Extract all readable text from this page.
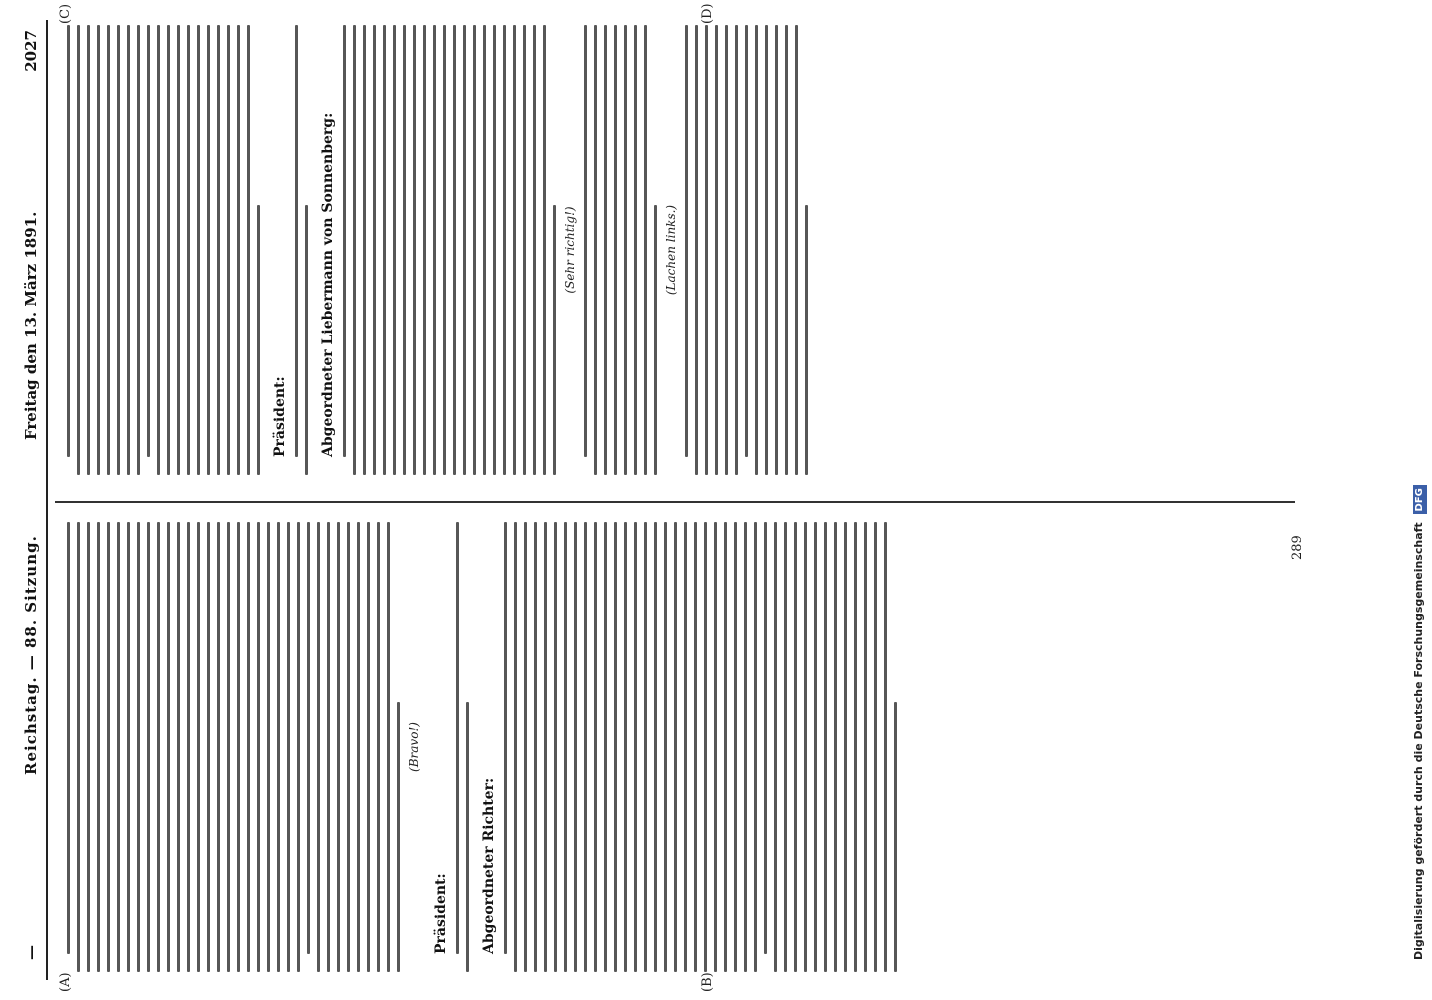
—
Reichstag. — 88. Sitzung.
Freitag den 13. März 1891.
2027
(A)	(B)
(C)	(D)
(Bravo!)
Präsident: Abgeordneter Richter:
Präsident: Abgeordneter Liebermann von Sonnenberg:	(Sehr richtig!)	(Lachen links.)
289	Digitalisierung gefördert durch die Deutsche Forschungsgemeinschaft DFG
